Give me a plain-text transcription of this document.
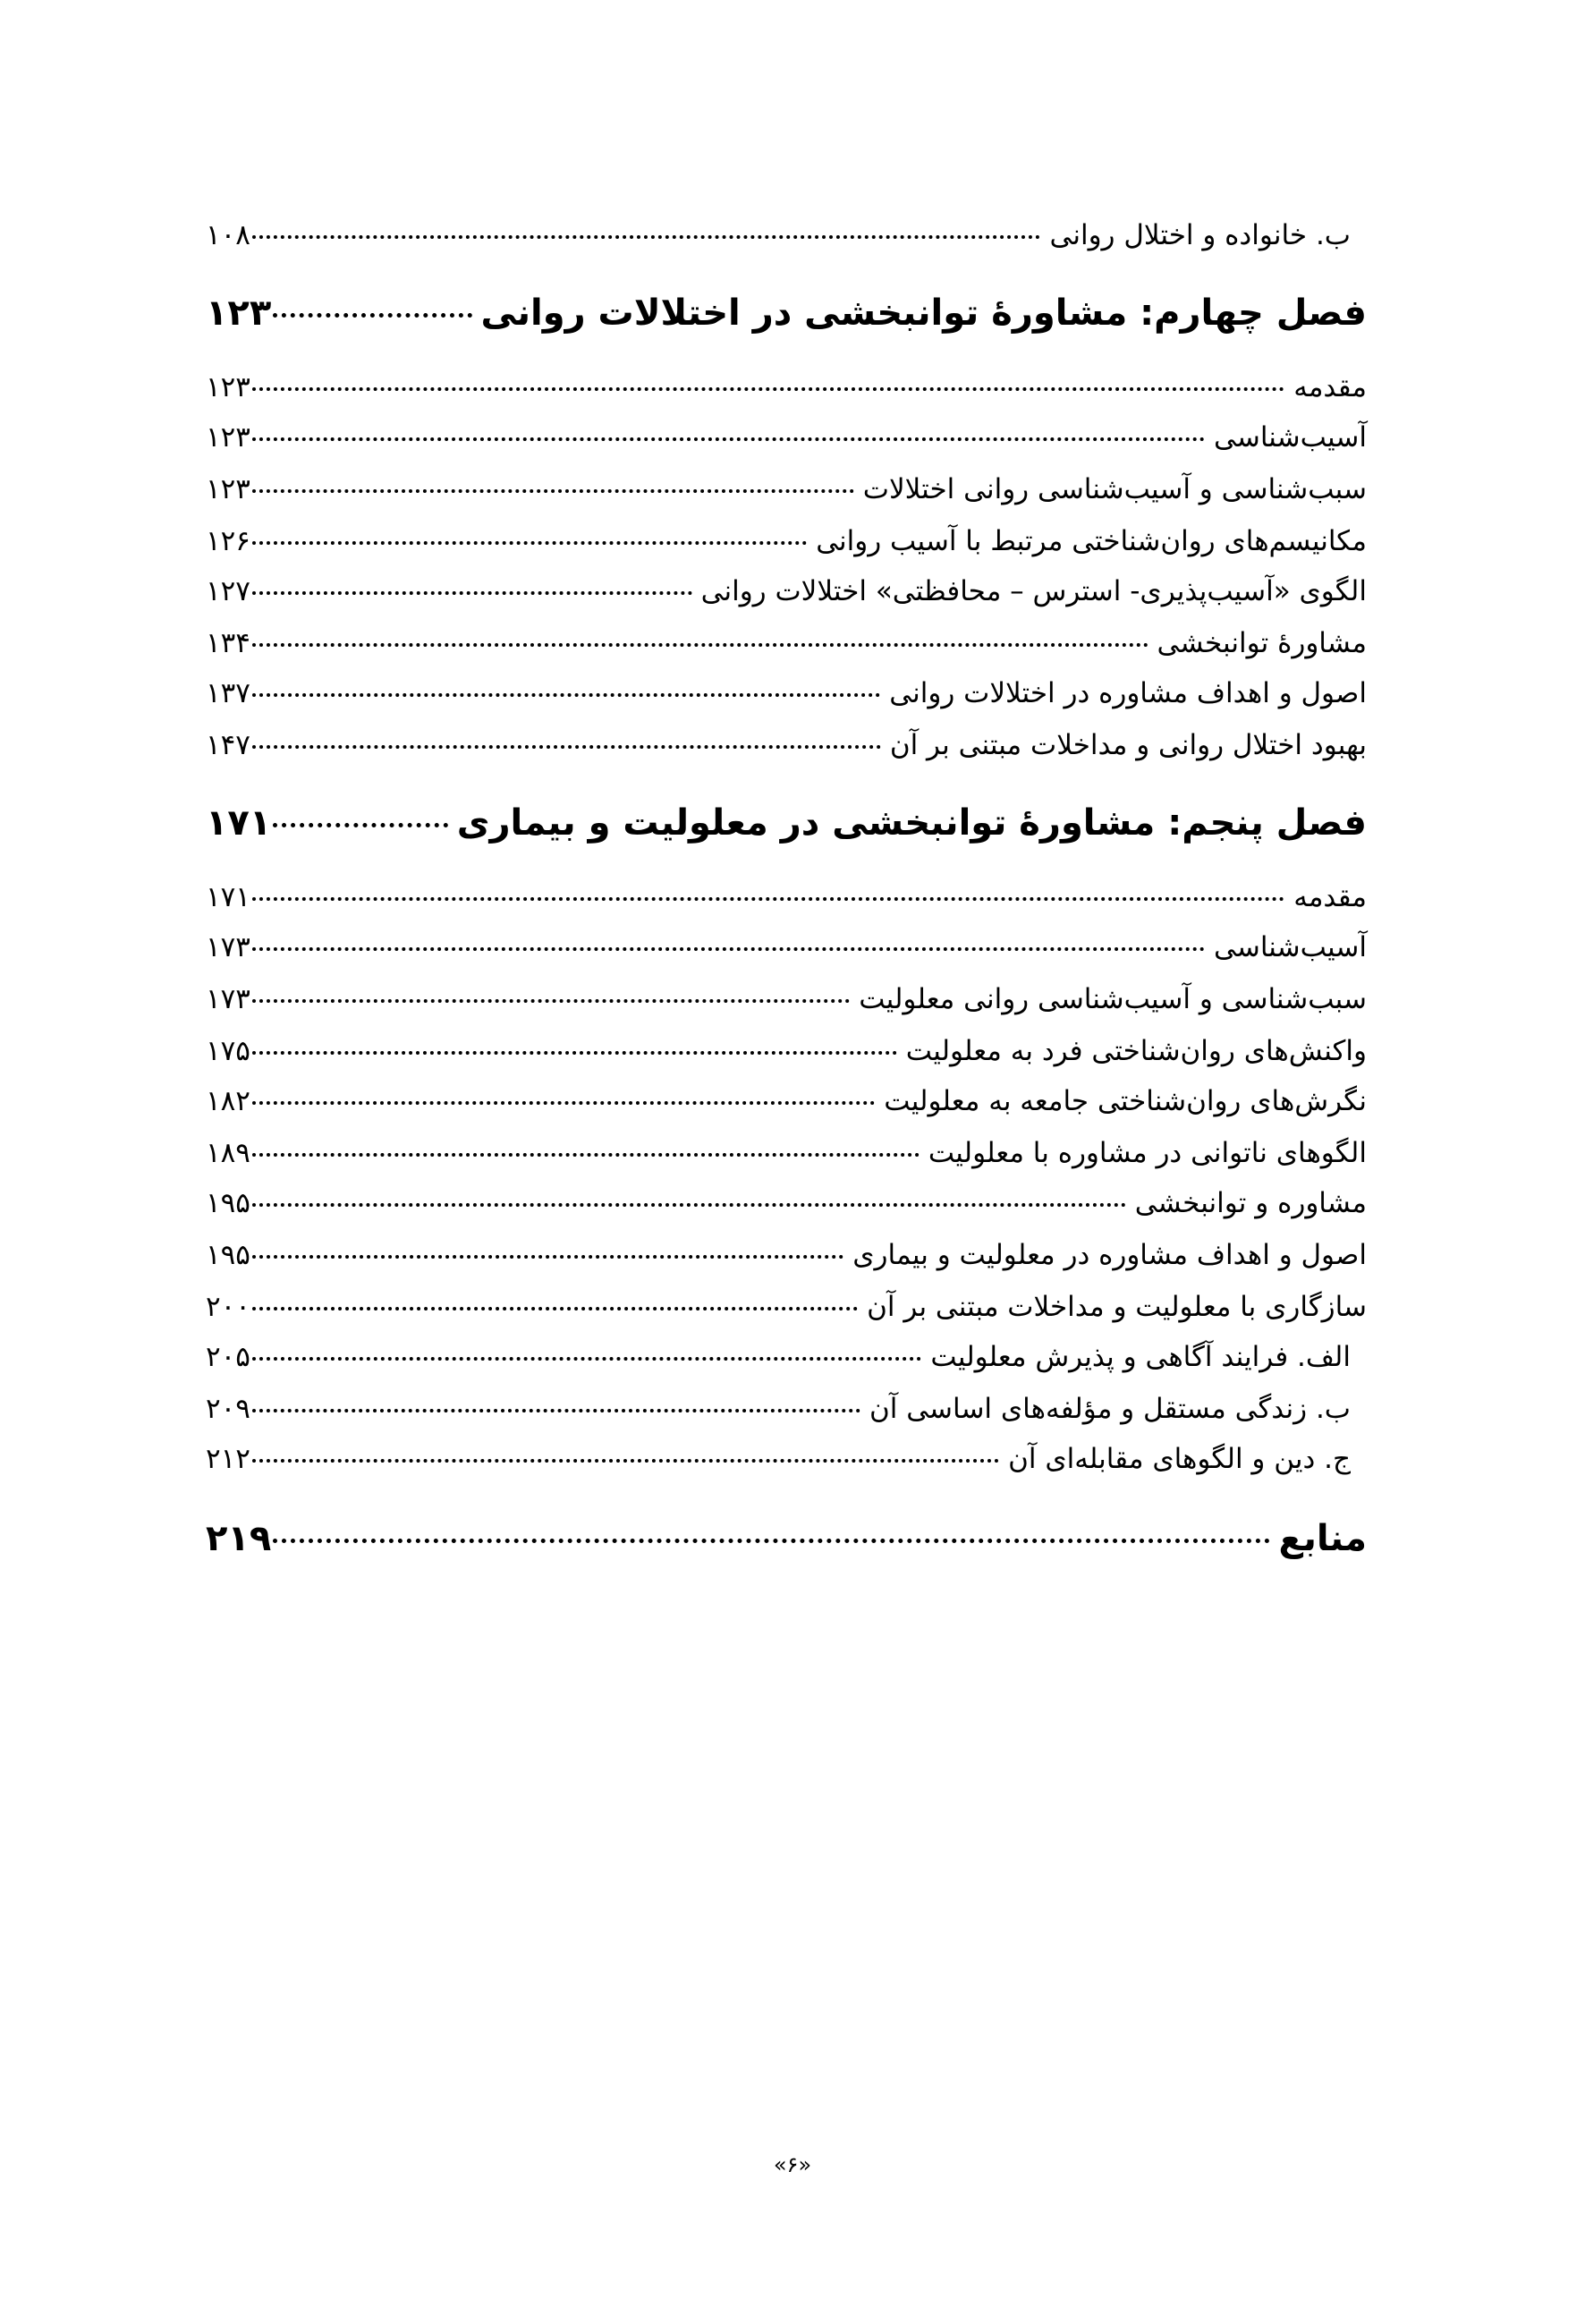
ب. خانواده و اختلال روانی
۱۰۸
فصل چهارم: مشاورۀ توانبخشی در اختلالات روانی
۱۲۳
مقدمه
۱۲۳
آسیب‌شناسی
۱۲۳
سبب‌شناسی و آسیب‌شناسی روانی اختلالات
۱۲۳
مکانیسم‌های روان‌شناختی مرتبط با آسیب روانی
۱۲۶
الگوی «آسیب‌پذیری- استرس – محافظتی» اختلالات روانی
۱۲۷
مشاورۀ توانبخشی
۱۳۴
اصول و اهداف مشاوره در اختلالات روانی
۱۳۷
بهبود اختلال روانی و مداخلات مبتنی بر آن
۱۴۷
فصل پنجم: مشاورۀ توانبخشی در معلولیت و بیماری
۱۷۱
مقدمه
۱۷۱
آسیب‌شناسی
۱۷۳
سبب‌شناسی و آسیب‌شناسی روانی معلولیت
۱۷۳
واکنش‌های روان‌شناختی فرد به معلولیت
۱۷۵
نگرش‌های روان‌شناختی جامعه به معلولیت
۱۸۲
الگوهای ناتوانی در مشاوره با معلولیت
۱۸۹
مشاوره و توانبخشی
۱۹۵
اصول و اهداف مشاوره در معلولیت و بیماری
۱۹۵
سازگاری با معلولیت و مداخلات مبتنی بر آن
۲۰۰
الف. فرایند آگاهی و پذیرش معلولیت
۲۰۵
ب. زندگی مستقل و مؤلفه‌های اساسی آن
۲۰۹
ج. دین و الگوهای مقابله‌ای آن
۲۱۲
منابع
۲۱۹
«۶»
